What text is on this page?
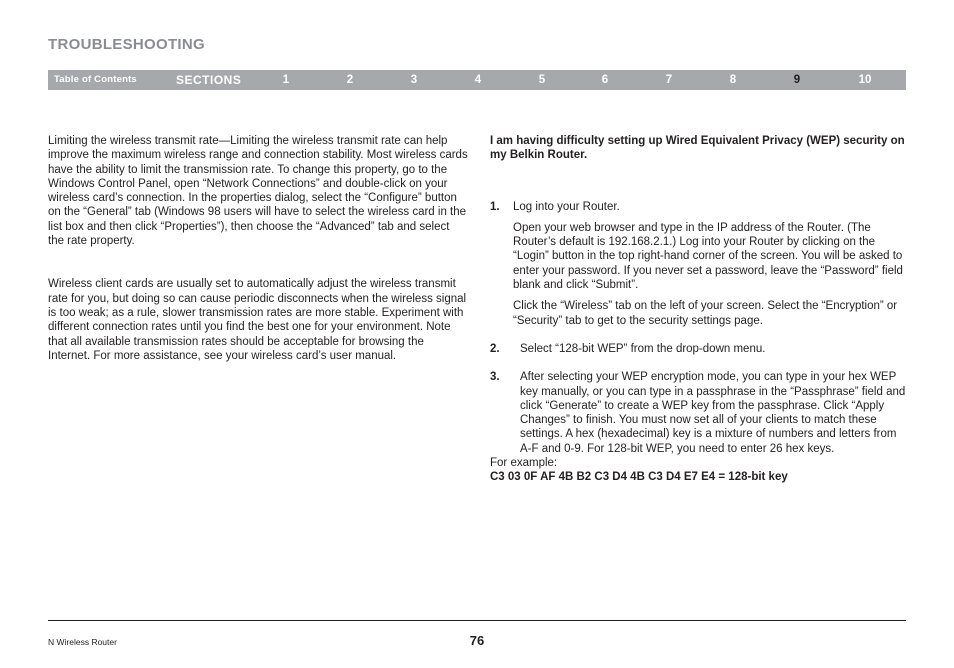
TROUBLESHOOTING
Table of Contents	SECTIONS	1	2	3	4	5	6	7	8	9	10

Limiting the wireless transmit rate—Limiting the wireless transmit rate can help improve the maximum wireless range and connection stability. Most wireless cards have the ability to limit the transmission rate. To change this property, go to the Windows Control Panel, open “Network Connections” and double-click on your wireless card’s connection. In the properties dialog, select the “Configure” button on the “General” tab (Windows 98 users will have to select the wireless card in the list box and then click “Properties”), then choose the “Advanced” tab and select the rate property.

Wireless client cards are usually set to automatically adjust the wireless transmit rate for you, but doing so can cause periodic disconnects when the wireless signal is too weak; as a rule, slower transmission rates are more stable. Experiment with different connection rates until you find the best one for your environment. Note that all available transmission rates should be acceptable for browsing the Internet. For more assistance, see your wireless card’s user manual.

I am having difficulty setting up Wired Equivalent Privacy (WEP) security on my Belkin Router.

1. Log into your Router.

Open your web browser and type in the IP address of the Router. (The Router’s default is 192.168.2.1.) Log into your Router by clicking on the “Login” button in the top right-hand corner of the screen. You will be asked to enter your password. If you never set a password, leave the “Password” field blank and click “Submit”.

Click the “Wireless” tab on the left of your screen. Select the “Encryption” or “Security” tab to get to the security settings page.

2. Select “128-bit WEP” from the drop-down menu.

3. After selecting your WEP encryption mode, you can type in your hex WEP key manually, or you can type in a passphrase in the “Passphrase” field and click “Generate” to create a WEP key from the passphrase. Click “Apply Changes” to finish. You must now set all of your clients to match these settings. A hex (hexadecimal) key is a mixture of numbers and letters from A-F and 0-9. For 128-bit WEP, you need to enter 26 hex keys.

For example:

C3 03 0F AF 4B B2 C3 D4 4B C3 D4 E7 E4 = 128-bit key

N Wireless Router	76
